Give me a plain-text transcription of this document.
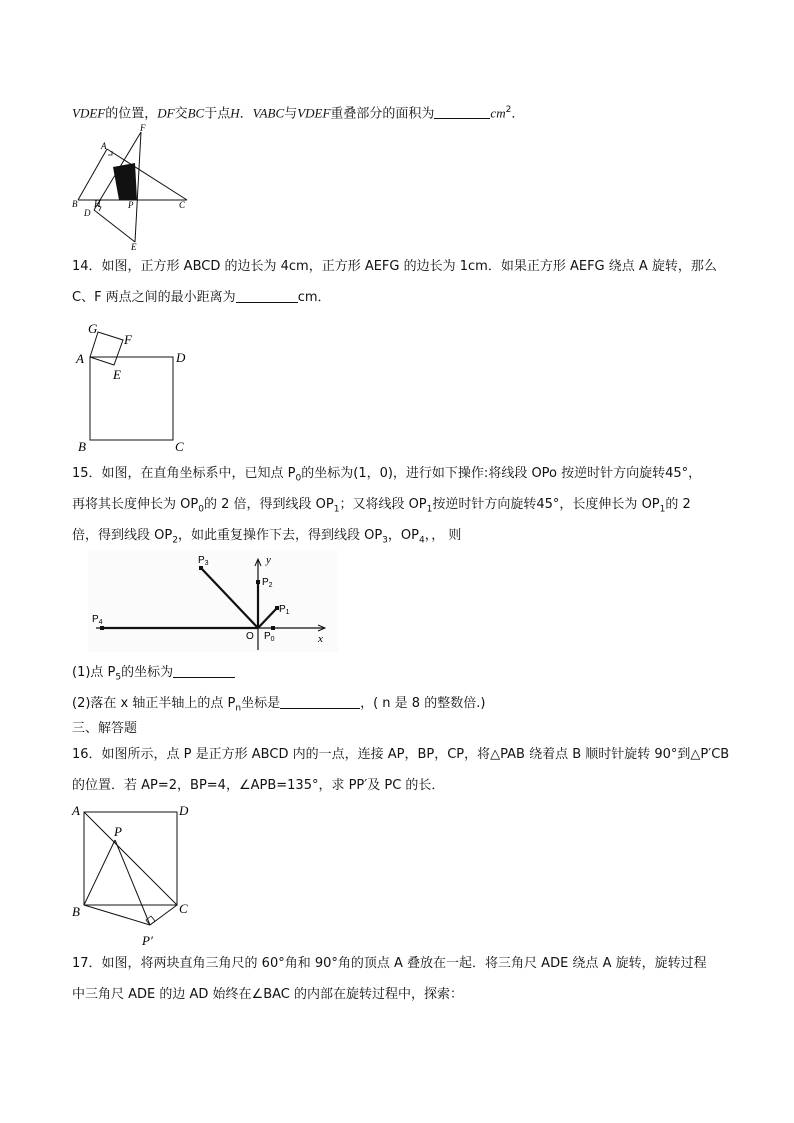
VDEF的位置，DF交BC于点H．VABC与VDEF重叠部分的面积为	$cm^2$．
A
F
B
D
H	P	C
E
14．如图，正方形 ABCD 的边长为 4cm，正方形 AEFG 的边长为 1cm．如果正方形 AEFG 绕点 A 旋转，那么
C、F 两点之间的最小距离为	cm．
G
F
A
E
D
B	C
15．如图，在直角坐标系中，已知点 $P_0$的坐标为(1，0)，进行如下操作:将线段 OPo 按逆时针方向旋转45°，
再将其长度伸长为 $OP_0$的 2 倍，得到线段 $OP_1$；又将线段 $OP_1$按逆时针方向旋转45°，长度伸长为 $OP_1$的 2
倍，得到线段 $OP_2$，如此重复操作下去，得到线段 $OP_3$，$OP_4$，， 则
$P_3$
$P_2$
$P_1$
$P_0$
$P_4$
O	x
y
(1)点 $P_5$的坐标为
(2)落在 x 轴正半轴上的点 $P_n$坐标是	，( n 是 8 的整数倍.)
三、解答题
16．如图所示，点 P 是正方形 ABCD 内的一点，连接 AP，BP，CP，将△PAB 绕着点 B 顺时针旋转 90°到△P′CB
的位置．若 AP=2，BP=4，∠APB=135°，求 PP′及 PC 的长．
A	D
P
B	C
P′
17．如图，将两块直角三角尺的 60°角和 90°角的顶点 A 叠放在一起．将三角尺 ADE 绕点 A 旋转，旋转过程
中三角尺 ADE 的边 AD 始终在∠BAC 的内部在旋转过程中，探索：
